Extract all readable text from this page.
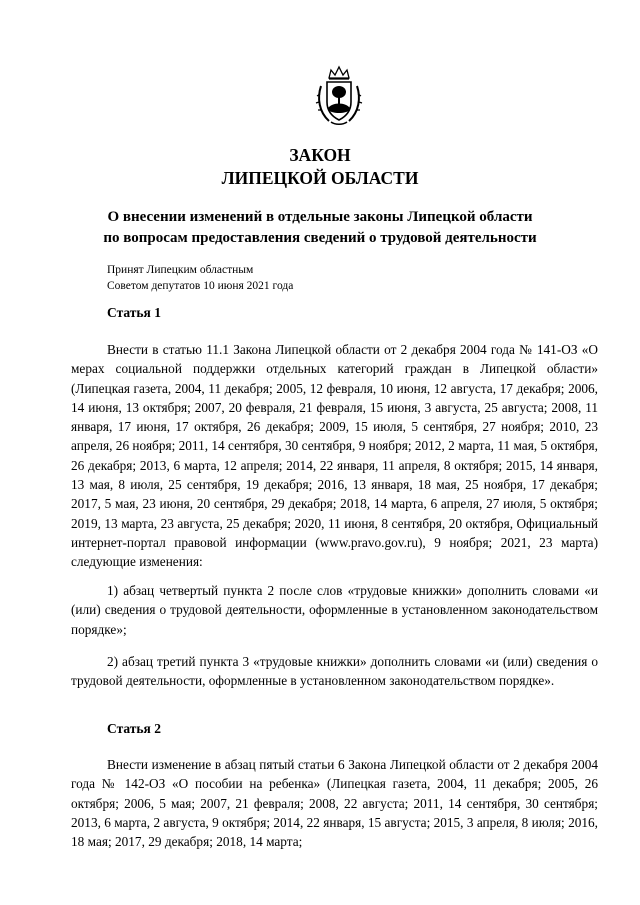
ЗАКОН
ЛИПЕЦКОЙ ОБЛАСТИ
О внесении изменений в отдельные законы Липецкой области
по вопросам предоставления сведений о трудовой деятельности
Принят Липецким областным
Советом депутатов 10 июня 2021 года
Статья 1

Внести в статью 11.1 Закона Липецкой области от 2 декабря 2004 года № 141-ОЗ «О мерах социальной поддержки отдельных категорий граждан в Липецкой области» (Липецкая газета, 2004, 11 декабря; 2005, 12 февраля, 10 июня, 12 августа, 17 декабря; 2006, 14 июня, 13 октября; 2007, 20 февраля, 21 февраля, 15 июня, 3 августа, 25 августа; 2008, 11 января, 17 июня, 17 октября, 26 декабря; 2009, 15 июля, 5 сентября, 27 ноября; 2010, 23 апреля, 26 ноября; 2011, 14 сентября, 30 сентября, 9 ноября; 2012, 2 марта, 11 мая, 5 октября, 26 декабря; 2013, 6 марта, 12 апреля; 2014, 22 января, 11 апреля, 8 октября; 2015, 14 января, 13 мая, 8 июля, 25 сентября, 19 декабря; 2016, 13 января, 18 мая, 25 ноября, 17 декабря; 2017, 5 мая, 23 июня, 20 сентября, 29 декабря; 2018, 14 марта, 6 апреля, 27 июля, 5 октября; 2019, 13 марта, 23 августа, 25 декабря; 2020, 11 июня, 8 сентября, 20 октября, Официальный интернет-портал правовой информации (www.pravo.gov.ru), 9 ноября; 2021, 23 марта) следующие изменения:

1) абзац четвертый пункта 2 после слов «трудовые книжки» дополнить словами «и (или) сведения о трудовой деятельности, оформленные в установленном законодательством порядке»;

2) абзац третий пункта 3 «трудовые книжки» дополнить словами «и (или) сведения о трудовой деятельности, оформленные в установленном законодательством порядке».

Статья 2

Внести изменение в абзац пятый статьи 6 Закона Липецкой области от 2 декабря 2004 года № 142-ОЗ «О пособии на ребенка» (Липецкая газета, 2004, 11 декабря; 2005, 26 октября; 2006, 5 мая; 2007, 21 февраля; 2008, 22 августа; 2011, 14 сентября, 30 сентября; 2013, 6 марта, 2 августа, 9 октября; 2014, 22 января, 15 августа; 2015, 3 апреля, 8 июля; 2016, 18 мая; 2017, 29 декабря; 2018, 14 марта;
